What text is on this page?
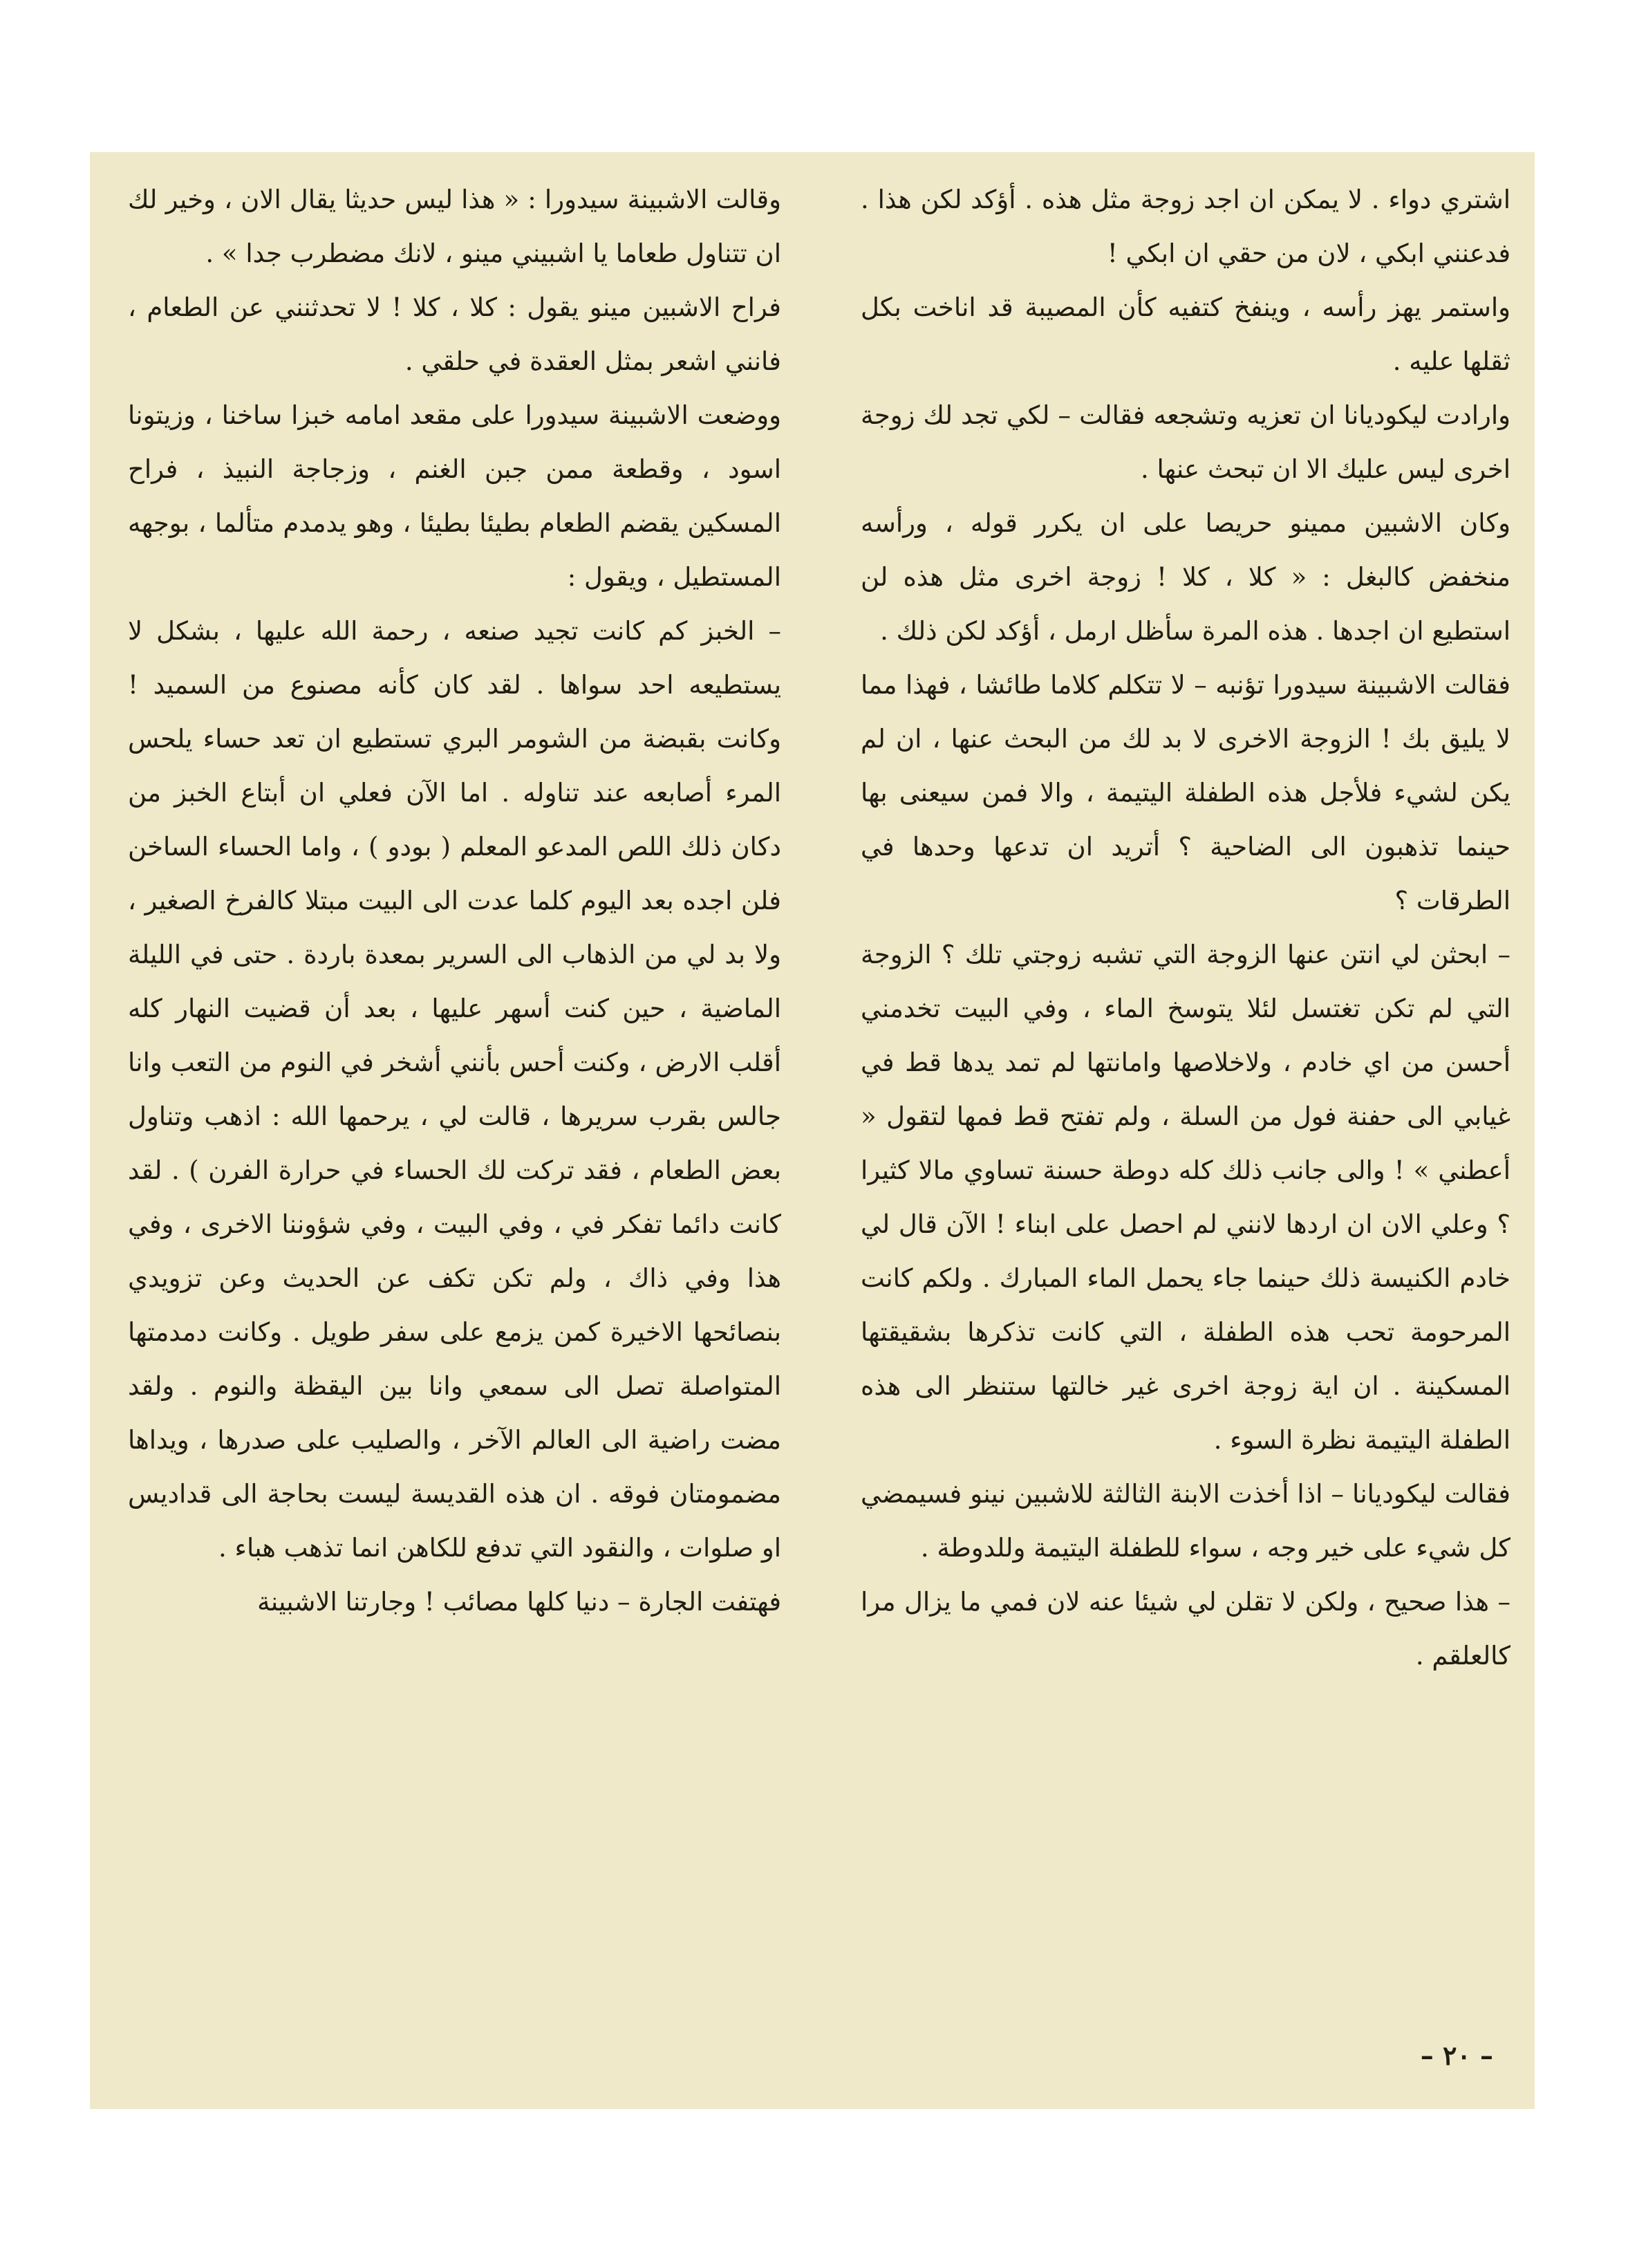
اشتري دواء . لا يمكن ان اجد زوجة مثل هذه . أؤكد لكن هذا . فدعنني ابكي ، لان من حقي ان ابكي !

واستمر يهز رأسه ، وينفخ كتفيه كأن المصيبة قد اناخت بكل ثقلها عليه .

وارادت ليكوديانا ان تعزيه وتشجعه فقالت – لكي تجد لك زوجة اخرى ليس عليك الا ان تبحث عنها .

وكان الاشبين ممينو حريصا على ان يكرر قوله ، ورأسه منخفض كالبغل : « كلا ، كلا ! زوجة اخرى مثل هذه لن استطيع ان اجدها . هذه المرة سأظل ارمل ، أؤكد لكن ذلك .

فقالت الاشبينة سيدورا تؤنبه – لا تتكلم كلاما طائشا ، فهذا مما لا يليق بك ! الزوجة الاخرى لا بد لك من البحث عنها ، ان لم يكن لشيء فلأجل هذه الطفلة اليتيمة ، والا فمن سيعنى بها حينما تذهبون الى الضاحية ؟ أتريد ان تدعها وحدها في الطرقات ؟

– ابحثن لي انتن عنها الزوجة التي تشبه زوجتي تلك ؟ الزوجة التي لم تكن تغتسل لئلا يتوسخ الماء ، وفي البيت تخدمني أحسن من اي خادم ، ولاخلاصها وامانتها لم تمد يدها قط في غيابي الى حفنة فول من السلة ، ولم تفتح قط فمها لتقول « أعطني » ! والى جانب ذلك كله دوطة حسنة تساوي مالا كثيرا ؟ وعلي الان ان اردها لانني لم احصل على ابناء ! الآن قال لي خادم الكنيسة ذلك حينما جاء يحمل الماء المبارك . ولكم كانت المرحومة تحب هذه الطفلة ، التي كانت تذكرها بشقيقتها المسكينة . ان اية زوجة اخرى غير خالتها ستنظر الى هذه الطفلة اليتيمة نظرة السوء .

فقالت ليكوديانا – اذا أخذت الابنة الثالثة للاشبين نينو فسيمضي كل شيء على خير وجه ، سواء للطفلة اليتيمة وللدوطة .

– هذا صحيح ، ولكن لا تقلن لي شيئا عنه لان فمي ما يزال مرا كالعلقم .

وقالت الاشبينة سيدورا : « هذا ليس حديثا يقال الان ، وخير لك ان تتناول طعاما يا اشبيني مينو ، لانك مضطرب جدا » .

فراح الاشبين مينو يقول : كلا ، كلا ! لا تحدثنني عن الطعام ، فانني اشعر بمثل العقدة في حلقي .

ووضعت الاشبينة سيدورا على مقعد امامه خبزا ساخنا ، وزيتونا اسود ، وقطعة ممن جبن الغنم ، وزجاجة النبيذ ، فراح المسكين يقضم الطعام بطيئا بطيئا ، وهو يدمدم متألما ، بوجهه المستطيل ، ويقول :

– الخبز كم كانت تجيد صنعه ، رحمة الله عليها ، بشكل لا يستطيعه احد سواها . لقد كان كأنه مصنوع من السميد ! وكانت بقبضة من الشومر البري تستطيع ان تعد حساء يلحس المرء أصابعه عند تناوله . اما الآن فعلي ان أبتاع الخبز من دكان ذلك اللص المدعو المعلم ( بودو ) ، واما الحساء الساخن فلن اجده بعد اليوم كلما عدت الى البيت مبتلا كالفرخ الصغير ، ولا بد لي من الذهاب الى السرير بمعدة باردة . حتى في الليلة الماضية ، حين كنت أسهر عليها ، بعد أن قضيت النهار كله أقلب الارض ، وكنت أحس بأنني أشخر في النوم من التعب وانا جالس بقرب سريرها ، قالت لي ، يرحمها الله : اذهب وتناول بعض الطعام ، فقد تركت لك الحساء في حرارة الفرن ) . لقد كانت دائما تفكر في ، وفي البيت ، وفي شؤوننا الاخرى ، وفي هذا وفي ذاك ، ولم تكن تكف عن الحديث وعن تزويدي بنصائحها الاخيرة كمن يزمع على سفر طويل . وكانت دمدمتها المتواصلة تصل الى سمعي وانا بين اليقظة والنوم . ولقد مضت راضية الى العالم الآخر ، والصليب على صدرها ، ويداها مضمومتان فوقه . ان هذه القديسة ليست بحاجة الى قداديس او صلوات ، والنقود التي تدفع للكاهن انما تذهب هباء .

فهتفت الجارة – دنيا كلها مصائب ! وجارتنا الاشبينة

– ٢٠ –
